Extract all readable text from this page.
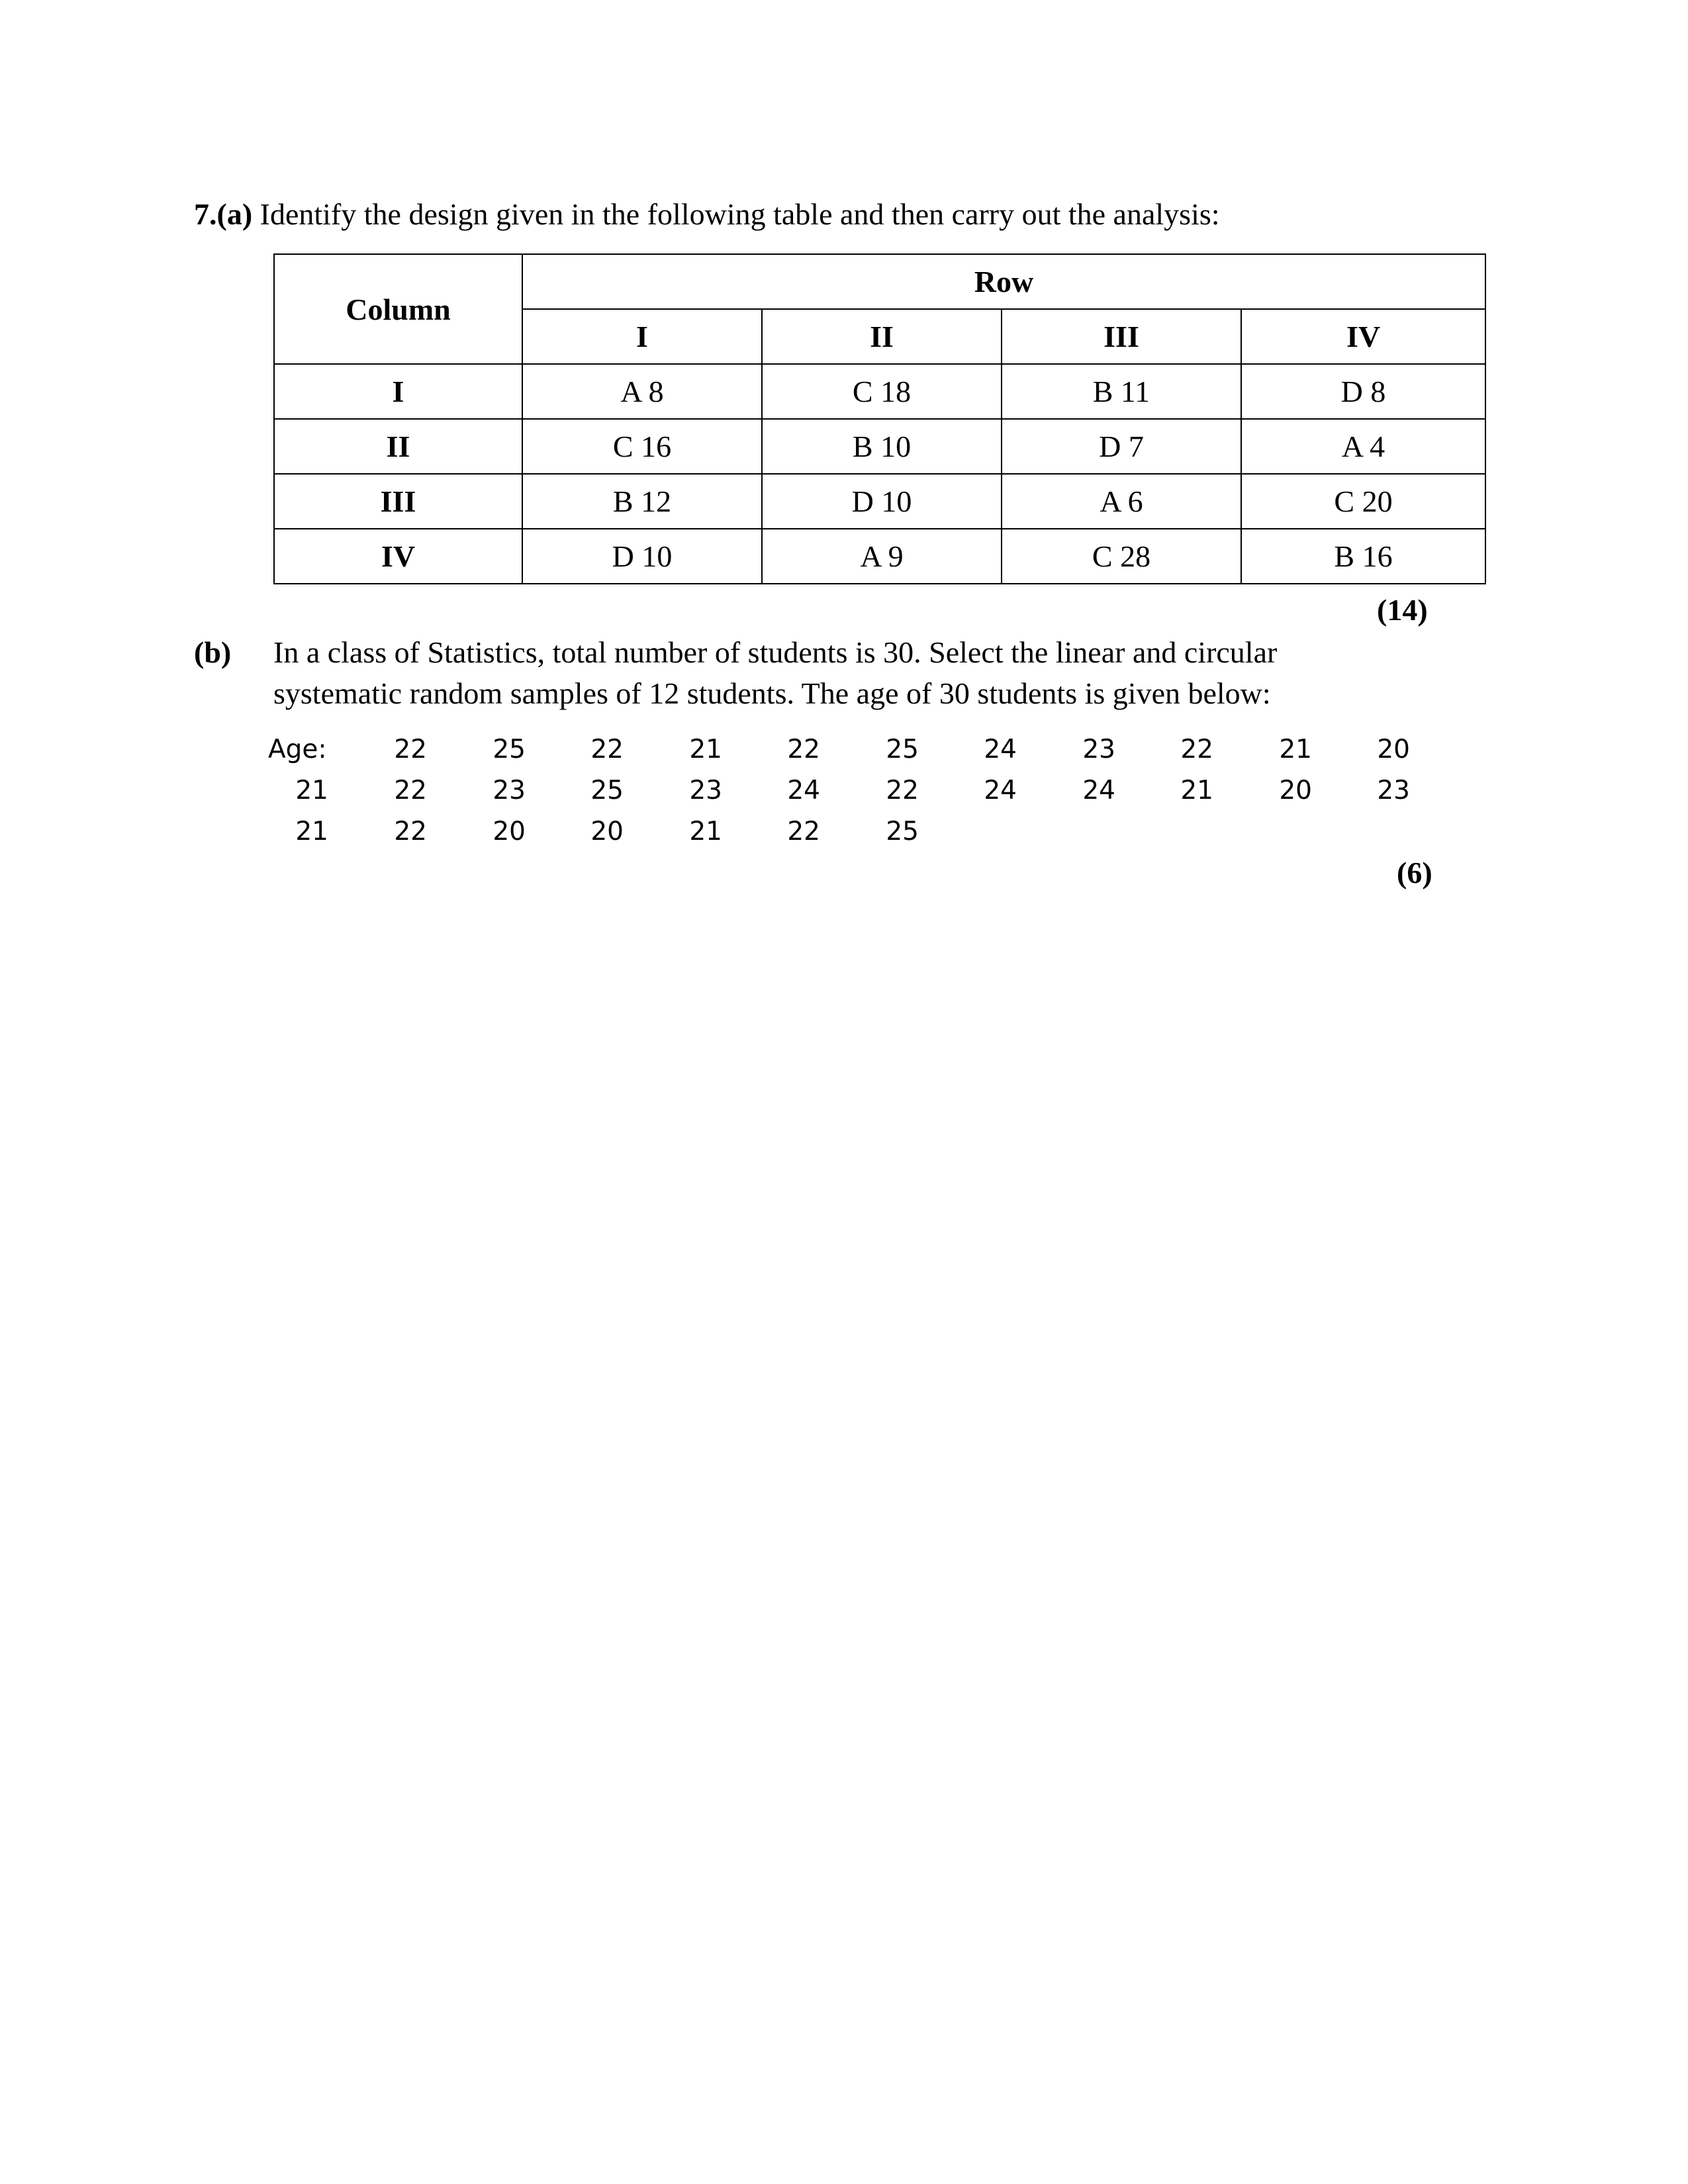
7.(a) Identify the design given in the following table and then carry out the analysis:
Column	Row			
	I	II	III	IV
I	A 8	C 18	B 11	D 8
II	C 16	B 10	D 7	A 4
III	B 12	D 10	A 6	C 20
IV	D 10	A 9	C 28	B 16
(14)
(b) In a class of Statistics, total number of students is 30. Select the linear and circular
systematic random samples of 12 students. The age of 30 students is given below:
Age:	22	25	22	21	22	25	24	23	22	21	20
21	22	23	25	23	24	22	24	24	21	20	23
21	22	20	20	21	22	25
(6)
